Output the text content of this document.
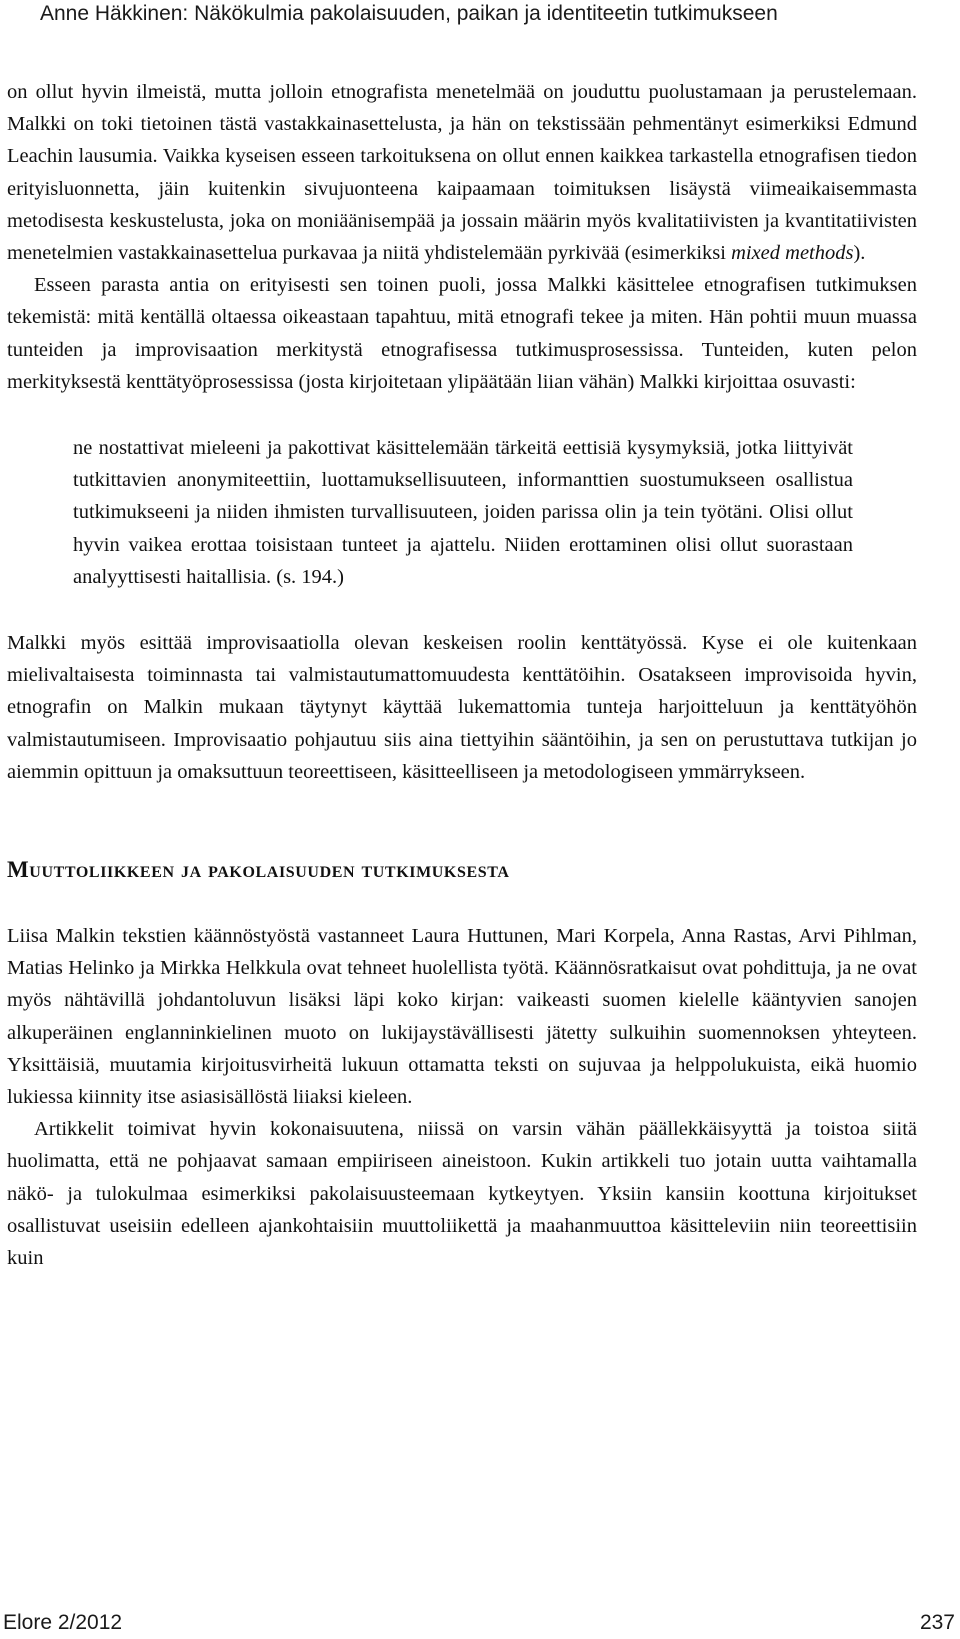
Anne Häkkinen: Näkökulmia pakolaisuuden, paikan ja identiteetin tutkimukseen

on ollut hyvin ilmeistä, mutta jolloin etnografista menetelmää on jouduttu puolustamaan ja perustelemaan. Malkki on toki tietoinen tästä vastakkainasettelusta, ja hän on tekstissään pehmentänyt esimerkiksi Edmund Leachin lausumia. Vaikka kyseisen esseen tarkoituksena on ollut ennen kaikkea tarkastella etnografisen tiedon erityisluonnetta, jäin kuitenkin sivujuonteena kaipaamaan toimituksen lisäystä viimeaikaisemmasta metodisesta keskustelusta, joka on moniäänisempää ja jossain määrin myös kvalitatiivisten ja kvantitatiivisten menetelmien vastakkainasettelua purkavaa ja niitä yhdistelemään pyrkivää (esimerkiksi mixed methods).

Esseen parasta antia on erityisesti sen toinen puoli, jossa Malkki käsittelee etnografisen tutkimuksen tekemistä: mitä kentällä oltaessa oikeastaan tapahtuu, mitä etnografi tekee ja miten. Hän pohtii muun muassa tunteiden ja improvisaation merkitystä etnografisessa tutkimusprosessissa. Tunteiden, kuten pelon merkityksestä kenttätyöprosessissa (josta kirjoitetaan ylipäätään liian vähän) Malkki kirjoittaa osuvasti:

ne nostattivat mieleeni ja pakottivat käsittelemään tärkeitä eettisiä kysymyksiä, jotka liittyivät tutkittavien anonymiteettiin, luottamuksellisuuteen, informanttien suostumukseen osallistua tutkimukseeni ja niiden ihmisten turvallisuuteen, joiden parissa olin ja tein työtäni. Olisi ollut hyvin vaikea erottaa toisistaan tunteet ja ajattelu. Niiden erottaminen olisi ollut suorastaan analyyttisesti haitallisia. (s. 194.)

Malkki myös esittää improvisaatiolla olevan keskeisen roolin kenttätyössä. Kyse ei ole kuitenkaan mielivaltaisesta toiminnasta tai valmistautumattomuudesta kenttätöihin. Osatakseen improvisoida hyvin, etnografin on Malkin mukaan täytynyt käyttää lukemattomia tunteja harjoitteluun ja kenttätyöhön valmistautumiseen. Improvisaatio pohjautuu siis aina tiettyihin sääntöihin, ja sen on perustuttava tutkijan jo aiemmin opittuun ja omaksuttuun teoreettiseen, käsitteelliseen ja metodologiseen ymmärrykseen.

Muuttoliikkeen ja pakolaisuuden tutkimuksesta

Liisa Malkin tekstien käännöstyöstä vastanneet Laura Huttunen, Mari Korpela, Anna Rastas, Arvi Pihlman, Matias Helinko ja Mirkka Helkkula ovat tehneet huolellista työtä. Käännösratkaisut ovat pohdittuja, ja ne ovat myös nähtävillä johdantoluvun lisäksi läpi koko kirjan: vaikeasti suomen kielelle kääntyvien sanojen alkuperäinen englanninkielinen muoto on lukijaystävällisesti jätetty sulkuihin suomennoksen yhteyteen. Yksittäisiä, muutamia kirjoitusvirheitä lukuun ottamatta teksti on sujuvaa ja helppolukuista, eikä huomio lukiessa kiinnity itse asiasisällöstä liiaksi kieleen.

Artikkelit toimivat hyvin kokonaisuutena, niissä on varsin vähän päällekkäisyyttä ja toistoa siitä huolimatta, että ne pohjaavat samaan empiiriseen aineistoon. Kukin artikkeli tuo jotain uutta vaihtamalla näkö- ja tulokulmaa esimerkiksi pakolaisuusteemaan kytkeytyen. Yksiin kansiin koottuna kirjoitukset osallistuvat useisiin edelleen ajankohtaisiin muuttoliikettä ja maahanmuuttoa käsitteleviin niin teoreettisiin kuin

Elore 2/2012	237
